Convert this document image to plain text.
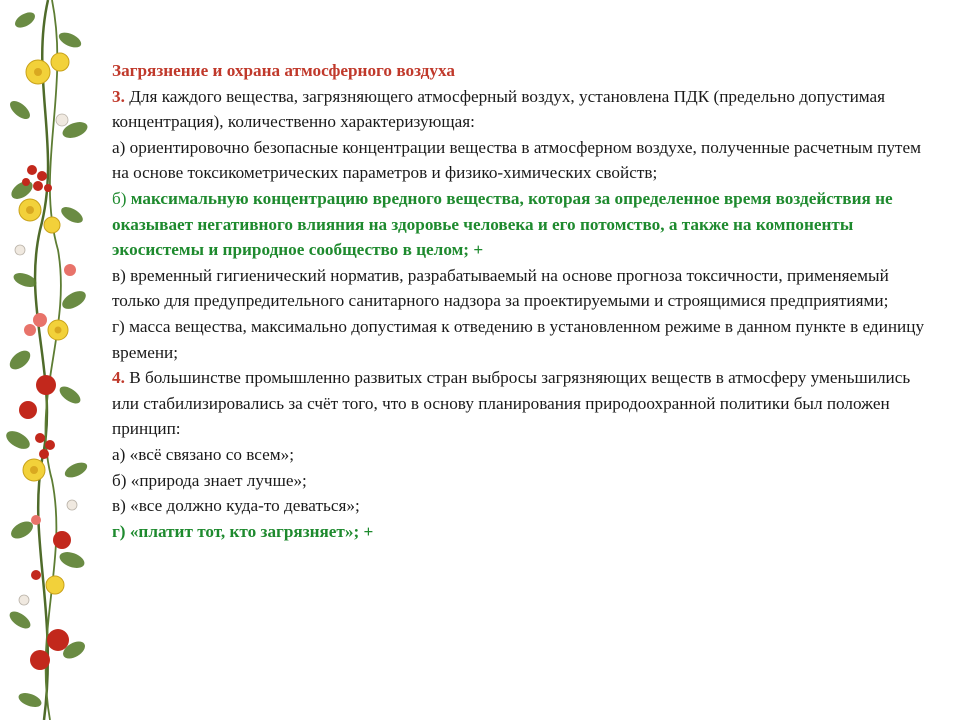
Загрязнение и охрана атмосферного воздуха

3. Для каждого вещества, загрязняющего атмосферный воздух, установлена ПДК (предельно допустимая концентрация), количественно характеризующая:

а) ориентировочно безопасные концентрации вещества в атмосферном воздухе, полученные расчетным путем на основе токсикометрических параметров и физико-химических свойств;

б) максимальную концентрацию вредного вещества, которая за определенное время воздействия не оказывает негативного влияния на здоровье человека и его потомство, а также на компоненты экосистемы и природное сообщество в целом; +

в) временный гигиенический норматив, разрабатываемый на основе прогноза токсичности, применяемый только для предупредительного санитарного надзора за проектируемыми и строящимися предприятиями;

г) масса вещества, максимально допустимая к отведению в установленном режиме в данном пункте в единицу времени;

4. В большинстве промышленно развитых стран выбросы загрязняющих веществ в атмосферу уменьшились или стабилизировались за счёт того, что в основу планирования природоохранной политики был положен принцип:

а) «всё связано со всем»;

б) «природа знает лучше»;

в) «все должно куда-то деваться»;

г) «платит тот, кто загрязняет»; +
